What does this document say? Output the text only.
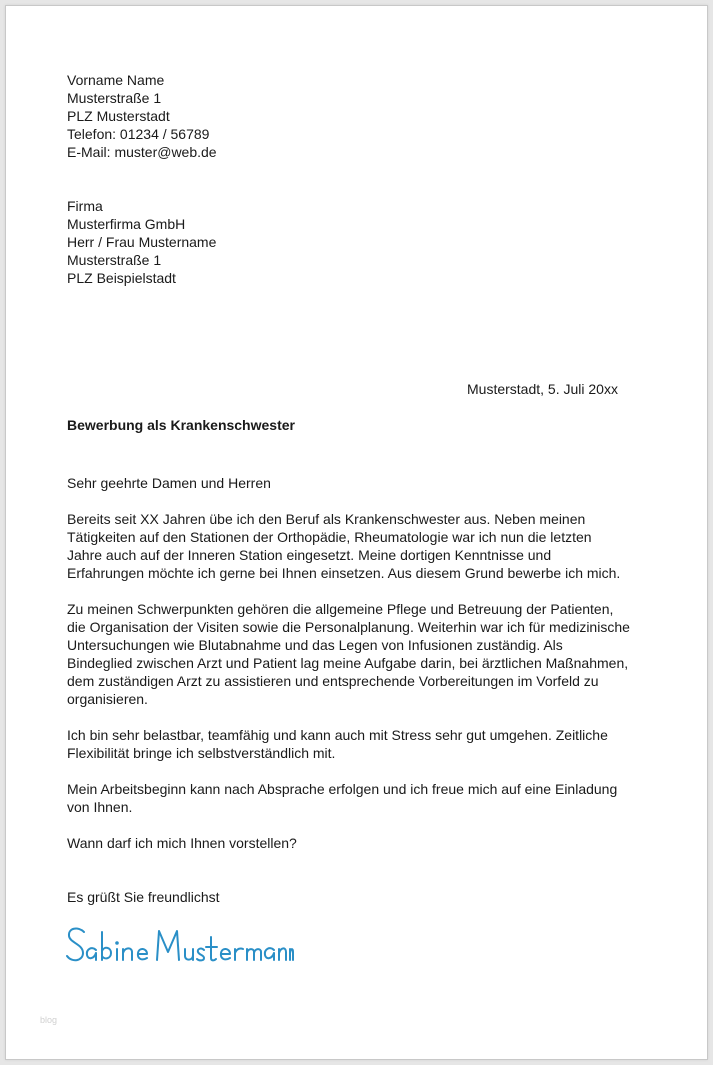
Vorname Name
Musterstraße 1
PLZ Musterstadt
Telefon: 01234 / 56789
E-Mail: muster@web.de
Firma
Musterfirma GmbH
Herr / Frau Mustername
Musterstraße 1
PLZ Beispielstadt
Musterstadt, 5. Juli 20xx
Bewerbung als Krankenschwester
Sehr geehrte Damen und Herren
Bereits seit XX Jahren übe ich den Beruf als Krankenschwester aus. Neben meinen
Tätigkeiten auf den Stationen der Orthopädie, Rheumatologie war ich nun die letzten
Jahre auch auf der Inneren Station eingesetzt. Meine dortigen Kenntnisse und
Erfahrungen möchte ich gerne bei Ihnen einsetzen. Aus diesem Grund bewerbe ich mich.
Zu meinen Schwerpunkten gehören die allgemeine Pflege und Betreuung der Patienten,
die Organisation der Visiten sowie die Personalplanung. Weiterhin war ich für medizinische
Untersuchungen wie Blutabnahme und das Legen von Infusionen zuständig. Als
Bindeglied zwischen Arzt und Patient lag meine Aufgabe darin, bei ärztlichen Maßnahmen,
dem zuständigen Arzt zu assistieren und entsprechende Vorbereitungen im Vorfeld zu
organisieren.
Ich bin sehr belastbar, teamfähig und kann auch mit Stress sehr gut umgehen. Zeitliche
Flexibilität bringe ich selbstverständlich mit.
Mein Arbeitsbeginn kann nach Absprache erfolgen und ich freue mich auf eine Einladung
von Ihnen.
Wann darf ich mich Ihnen vorstellen?
Es grüßt Sie freundlichst
blog
